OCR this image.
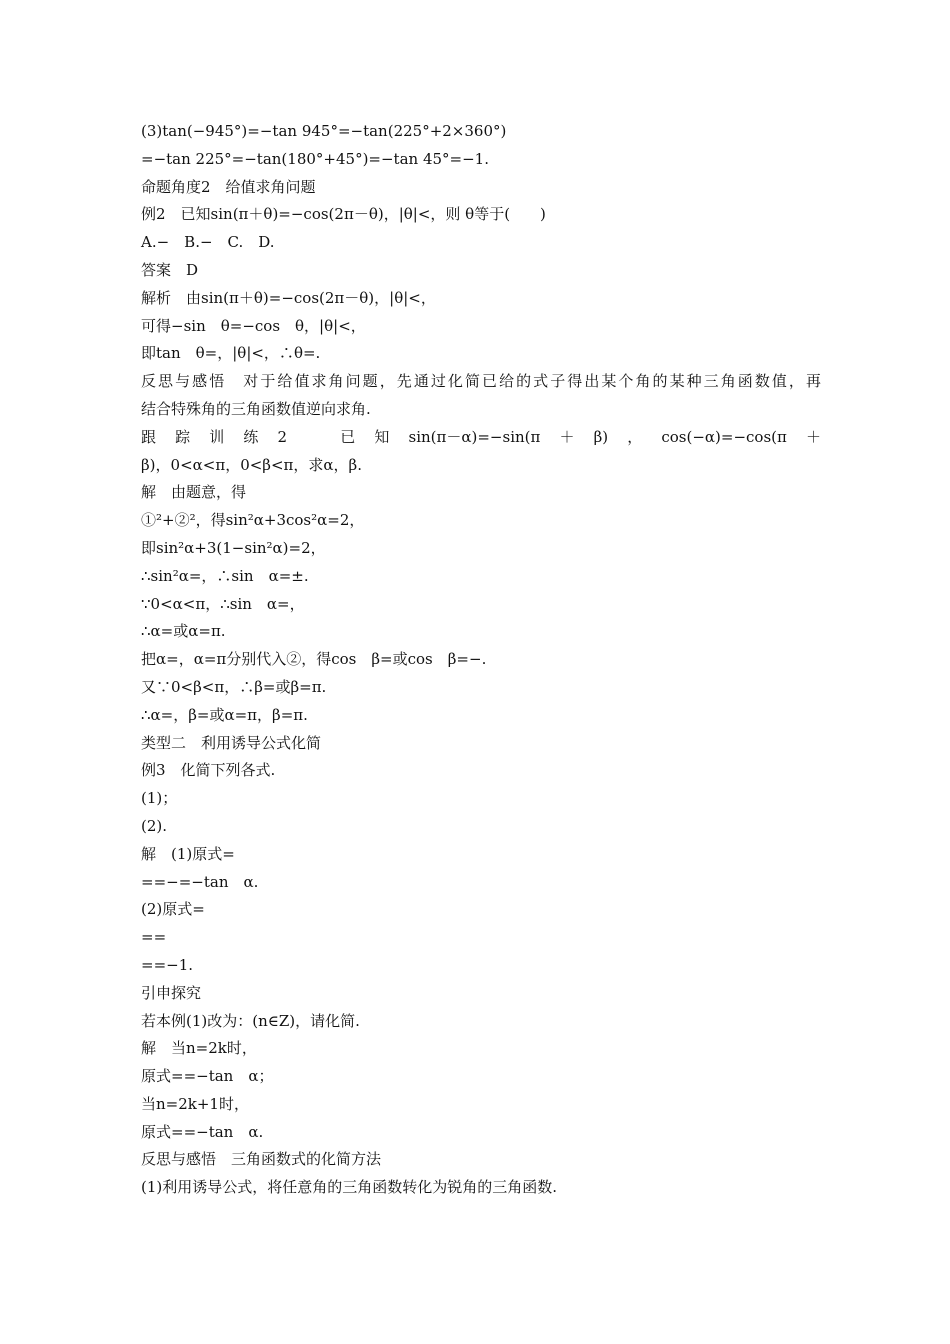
(3)tan(−945°)=−tan 945°=−tan(225°+2×360°)
=−tan 225°=−tan(180°+45°)=−tan 45°=−1.
命题角度2　给值求角问题
例2　已知sin(π＋θ)=−cos(2π－θ)，|θ|<，则 θ等于(　　)
A.−　B.−　C.　D.
答案　D
解析　由sin(π＋θ)=−cos(2π－θ)，|θ|<，
可得−sin　θ=−cos　θ，|θ|<，
即tan　θ=，|θ|<，∴θ=.
反思与感悟　对于给值求角问题，先通过化简已给的式子得出某个角的某种三角函数值，再
结合特殊角的三角函数值逆向求角.
跟踪训练2　已知sin(π－α)=−sin(π＋β)，cos(−α)=−cos(π＋
β)，0<α<π，0<β<π，求α，β.
解　由题意，得
①²+②²，得sin²α+3cos²α=2，
即sin²α+3(1−sin²α)=2，
∴sin²α=，∴sin　α=±.
∵0<α<π，∴sin　α=，
∴α=或α=π.
把α=，α=π分别代入②，得cos　β=或cos　β=−.
又∵0<β<π，∴β=或β=π.
∴α=，β=或α=π，β=π.
类型二　利用诱导公式化简
例3　化简下列各式.
(1)；
(2).
解　(1)原式=
==−=−tan　α.
(2)原式=
==
==−1.
引申探究
若本例(1)改为：(n∈Z)，请化简.
解　当n=2k时，
原式==−tan　α；
当n=2k+1时，
原式==−tan　α.
反思与感悟　三角函数式的化简方法
(1)利用诱导公式，将任意角的三角函数转化为锐角的三角函数.
